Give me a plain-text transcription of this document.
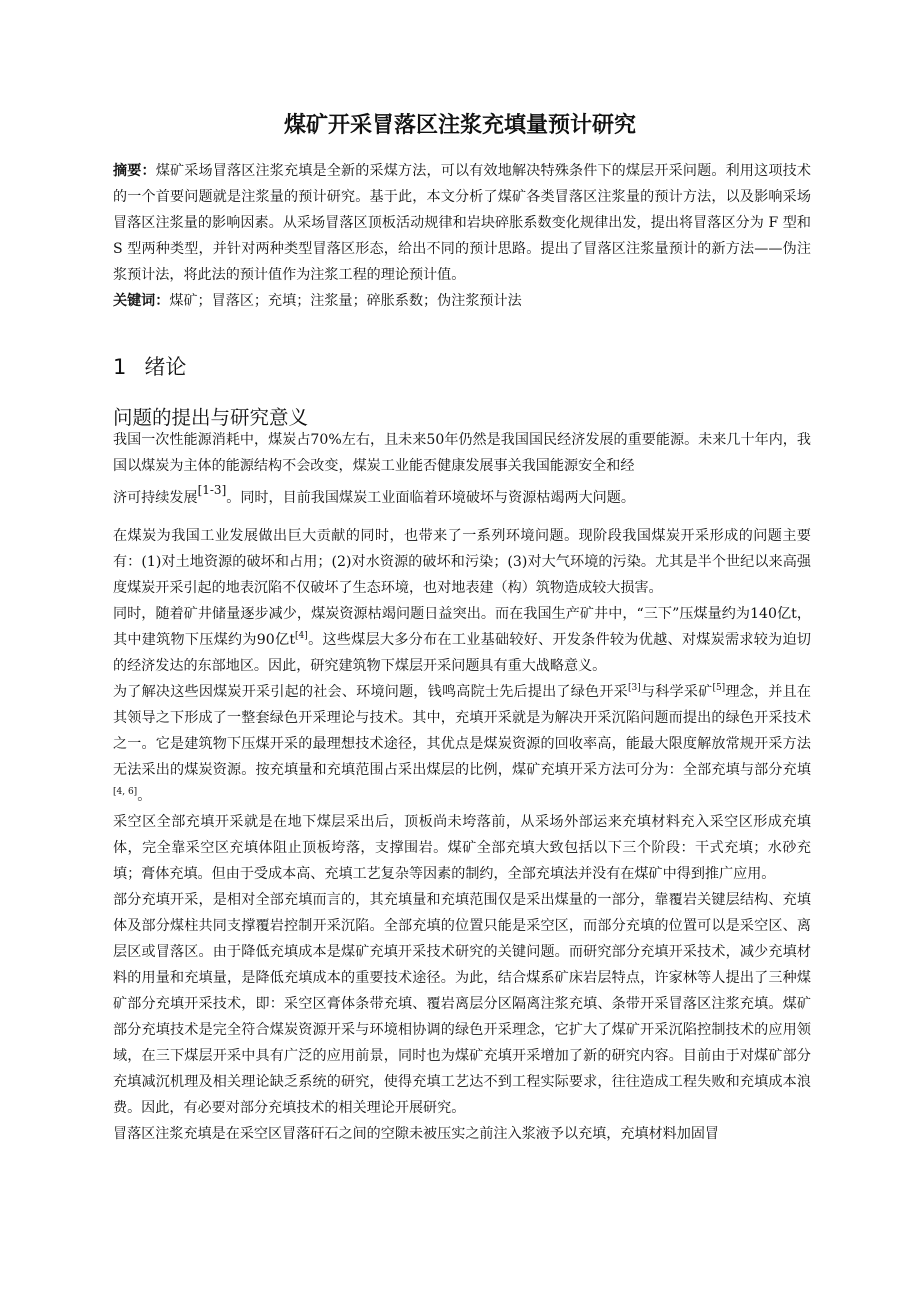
煤矿开采冒落区注浆充填量预计研究

摘要：煤矿采场冒落区注浆充填是全新的采煤方法，可以有效地解决特殊条件下的煤层开采问题。利用这项技术的一个首要问题就是注浆量的预计研究。基于此，本文分析了煤矿各类冒落区注浆量的预计方法，以及影响采场冒落区注浆量的影响因素。从采场冒落区顶板活动规律和岩块碎胀系数变化规律出发，提出将冒落区分为 F 型和 S 型两种类型，并针对两种类型冒落区形态，给出不同的预计思路。提出了冒落区注浆量预计的新方法——伪注浆预计法，将此法的预计值作为注浆工程的理论预计值。

关键词：煤矿；冒落区；充填；注浆量；碎胀系数；伪注浆预计法

1 绪论
问题的提出与研究意义

我国一次性能源消耗中，煤炭占70%左右，且未来50年仍然是我国国民经济发展的重要能源。未来几十年内，我国以煤炭为主体的能源结构不会改变，煤炭工业能否健康发展事关我国能源安全和经
济可持续发展[1-3]。同时，目前我国煤炭工业面临着环境破坏与资源枯竭两大问题。

在煤炭为我国工业发展做出巨大贡献的同时，也带来了一系列环境问题。现阶段我国煤炭开采形成的问题主要有：(1)对土地资源的破坏和占用；(2)对水资源的破坏和污染；(3)对大气环境的污染。尤其是半个世纪以来高强度煤炭开采引起的地表沉陷不仅破坏了生态环境，也对地表建（构）筑物造成较大损害。

同时，随着矿井储量逐步减少，煤炭资源枯竭问题日益突出。而在我国生产矿井中，“三下”压煤量约为140亿t，其中建筑物下压煤约为90亿t[4]。这些煤层大多分布在工业基础较好、开发条件较为优越、对煤炭需求较为迫切的经济发达的东部地区。因此，研究建筑物下煤层开采问题具有重大战略意义。

为了解决这些因煤炭开采引起的社会、环境问题，钱鸣高院士先后提出了绿色开采[3]与科学采矿[5]理念，并且在其领导之下形成了一整套绿色开采理论与技术。其中，充填开采就是为解决开采沉陷问题而提出的绿色开采技术之一。它是建筑物下压煤开采的最理想技术途径，其优点是煤炭资源的回收率高，能最大限度解放常规开采方法无法采出的煤炭资源。按充填量和充填范围占采出煤层的比例，煤矿充填开采方法可分为：全部充填与部分充填[4, 6]。

采空区全部充填开采就是在地下煤层采出后，顶板尚未垮落前，从采场外部运来充填材料充入采空区形成充填体，完全靠采空区充填体阻止顶板垮落，支撑围岩。煤矿全部充填大致包括以下三个阶段：干式充填；水砂充填；膏体充填。但由于受成本高、充填工艺复杂等因素的制约，全部充填法并没有在煤矿中得到推广应用。

部分充填开采，是相对全部充填而言的，其充填量和充填范围仅是采出煤量的一部分，靠覆岩关键层结构、充填体及部分煤柱共同支撑覆岩控制开采沉陷。全部充填的位置只能是采空区，而部分充填的位置可以是采空区、离层区或冒落区。由于降低充填成本是煤矿充填开采技术研究的关键问题。而研究部分充填开采技术，减少充填材料的用量和充填量，是降低充填成本的重要技术途径。为此，结合煤系矿床岩层特点，许家林等人提出了三种煤矿部分充填开采技术，即：采空区膏体条带充填、覆岩离层分区隔离注浆充填、条带开采冒落区注浆充填。煤矿部分充填技术是完全符合煤炭资源开采与环境相协调的绿色开采理念，它扩大了煤矿开采沉陷控制技术的应用领域，在三下煤层开采中具有广泛的应用前景，同时也为煤矿充填开采增加了新的研究内容。目前由于对煤矿部分充填减沉机理及相关理论缺乏系统的研究，使得充填工艺达不到工程实际要求，往往造成工程失败和充填成本浪费。因此，有必要对部分充填技术的相关理论开展研究。

冒落区注浆充填是在采空区冒落矸石之间的空隙未被压实之前注入浆液予以充填，充填材料加固冒
